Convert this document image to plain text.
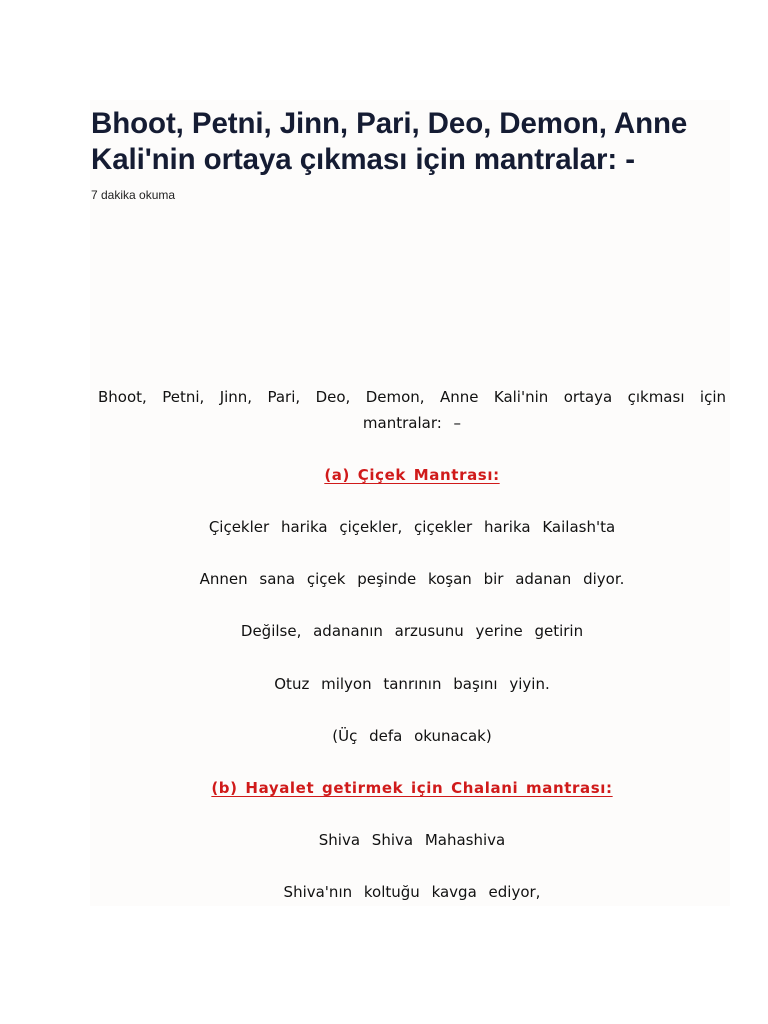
Bhoot, Petni, Jinn, Pari, Deo, Demon, Anne Kali'nin ortaya çıkması için mantralar: -
7 dakika okuma

Bhoot, Petni, Jinn, Pari, Deo, Demon, Anne Kali'nin ortaya çıkması için mantralar: –

(a) Çiçek Mantrası:

Çiçekler harika çiçekler, çiçekler harika Kailash'ta

Annen sana çiçek peşinde koşan bir adanan diyor.

Değilse, adananın arzusunu yerine getirin

Otuz milyon tanrının başını yiyin.

(Üç defa okunacak)

(b) Hayalet getirmek için Chalani mantrası:

Shiva Shiva Mahashiva

Shiva'nın koltuğu kavga ediyor,
